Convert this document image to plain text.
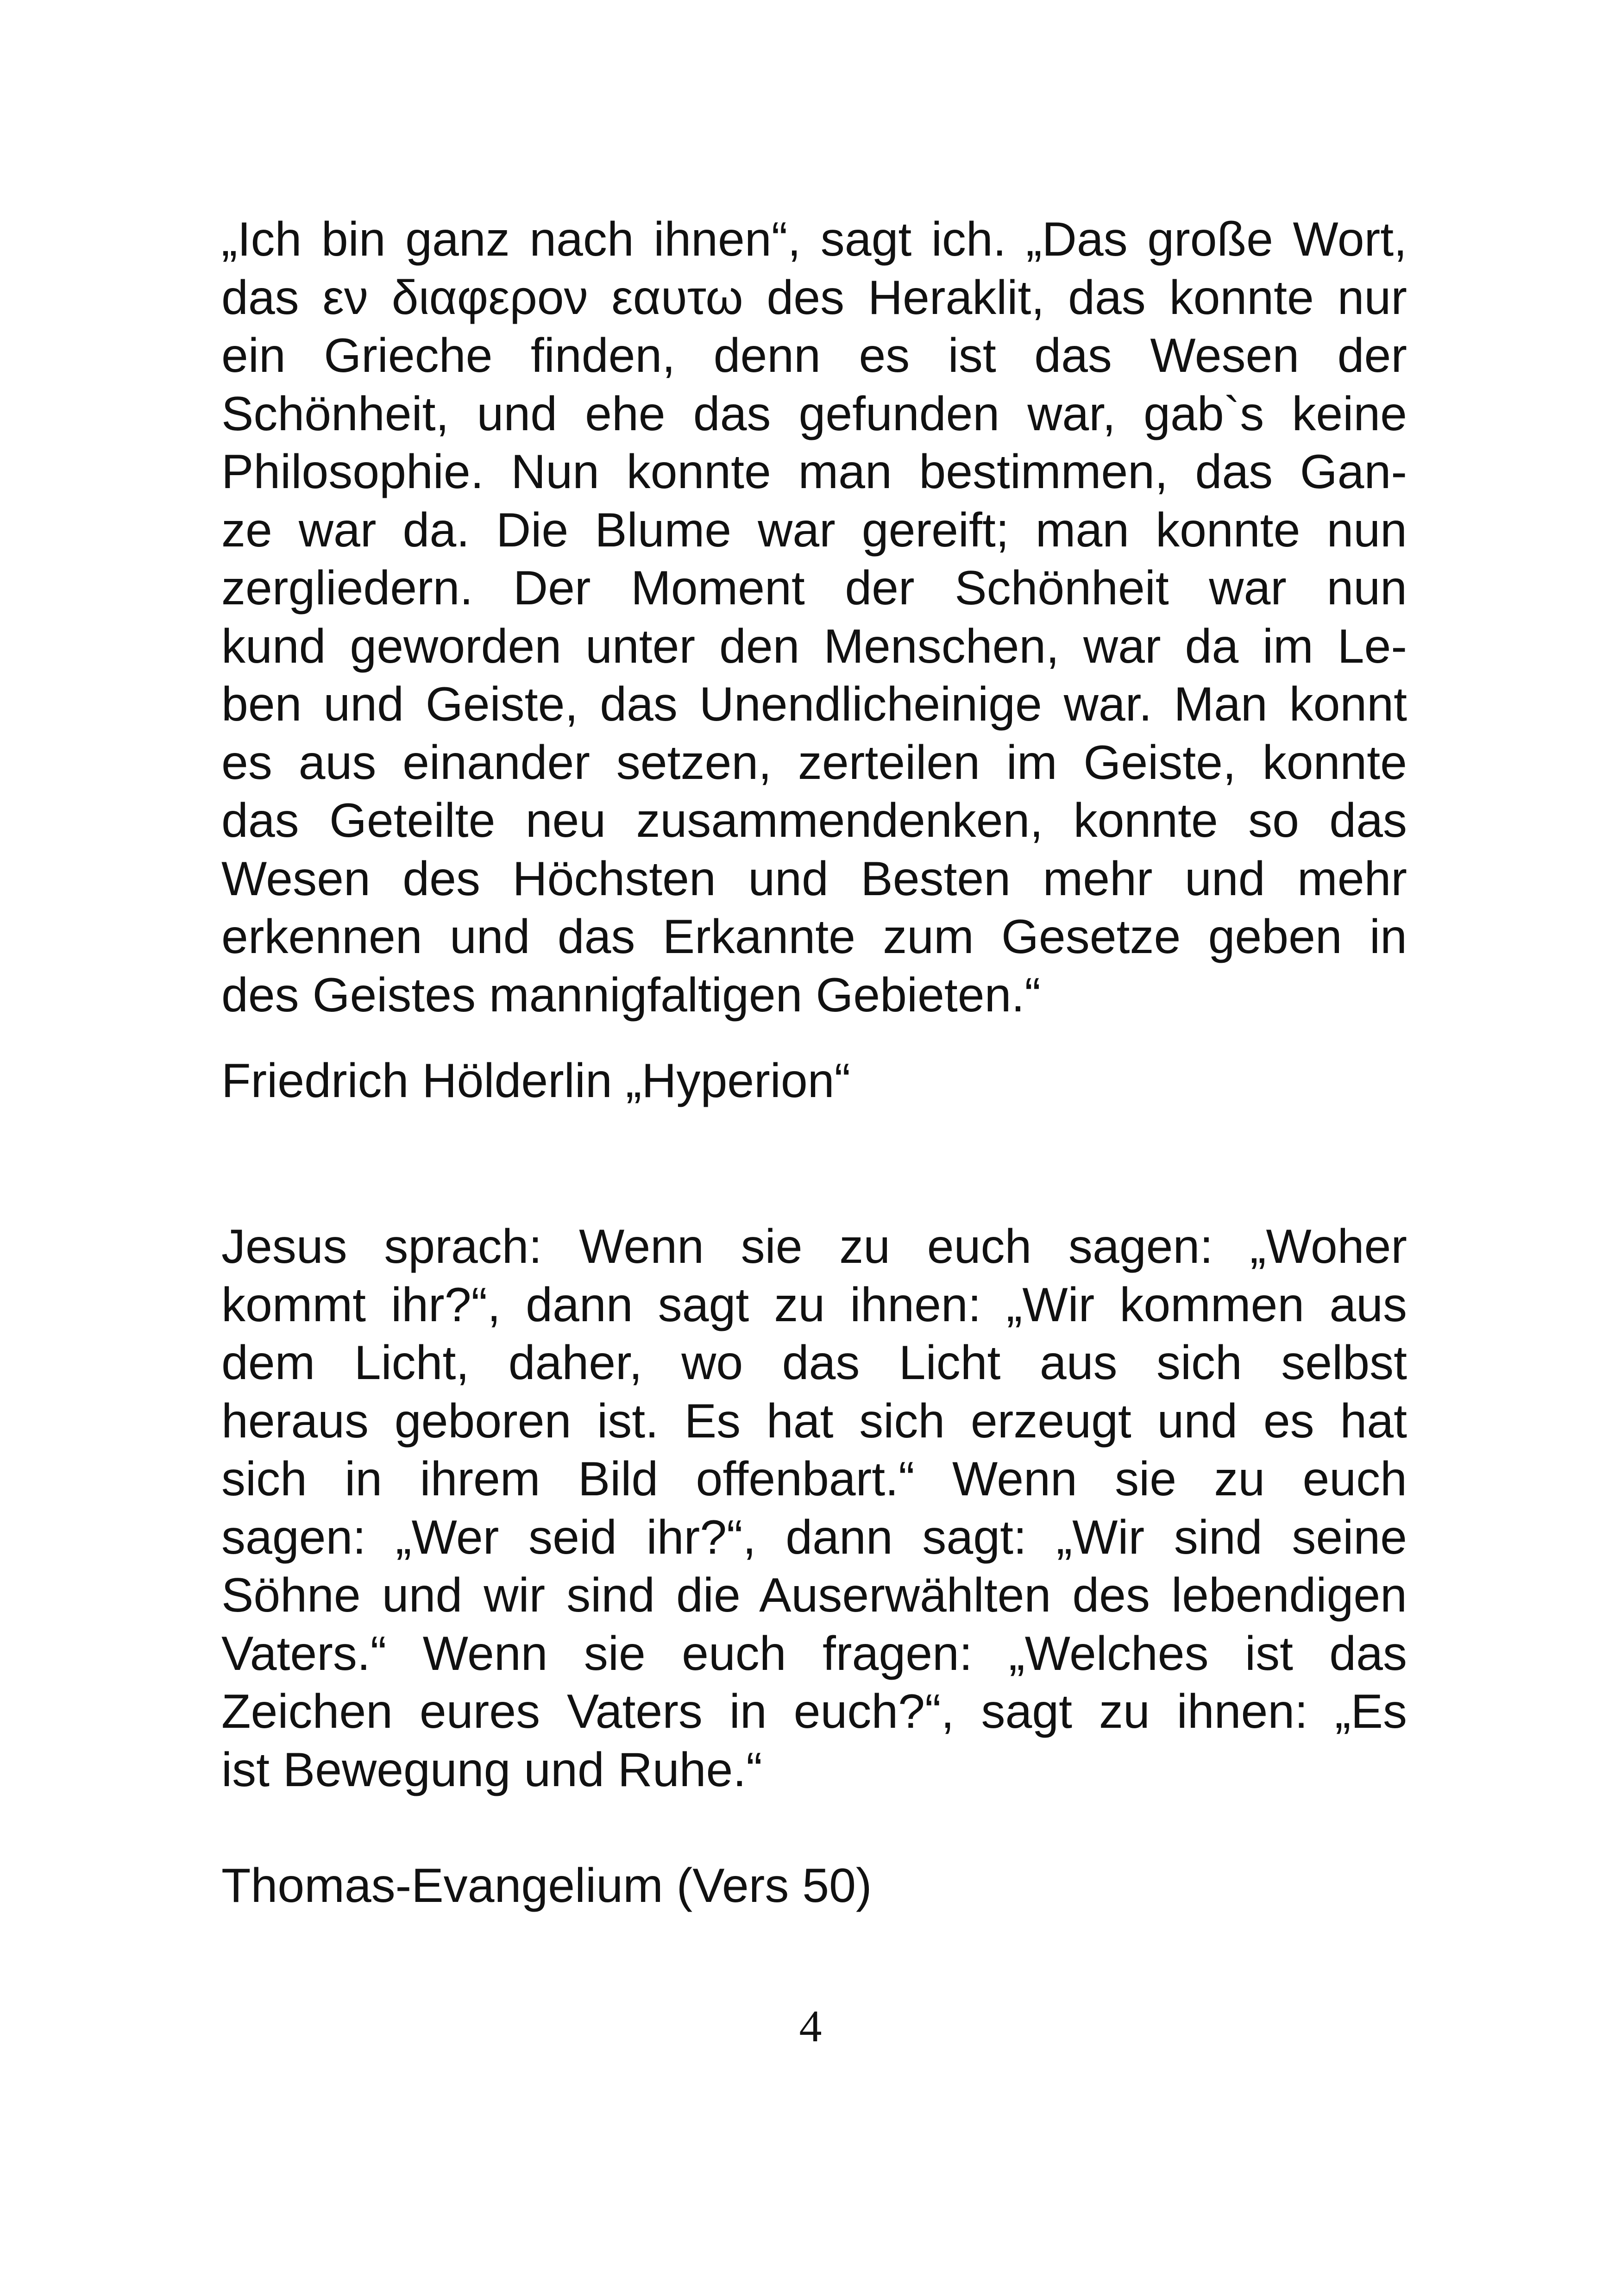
„Ich bin ganz nach ihnen“, sagt ich. „Das große Wort,
das εν διαφερον εαυτω des Heraklit, das konnte nur
ein Grieche finden, denn es ist das Wesen der
Schönheit, und ehe das gefunden war, gab`s keine
Philosophie. Nun konnte man bestimmen, das Gan-
ze war da. Die Blume war gereift; man konnte nun
zergliedern. Der Moment der Schönheit war nun
kund geworden unter den Menschen, war da im Le-
ben und Geiste, das Unendlicheinige war. Man konnt
es aus einander setzen, zerteilen im Geiste, konnte
das Geteilte neu zusammendenken, konnte so das
Wesen des Höchsten und Besten mehr und mehr
erkennen und das Erkannte zum Gesetze geben in
des Geistes mannigfaltigen Gebieten.“
Friedrich Hölderlin „Hyperion“
Jesus sprach: Wenn sie zu euch sagen: „Woher
kommt ihr?“, dann sagt zu ihnen: „Wir kommen aus
dem Licht, daher, wo das Licht aus sich selbst
heraus geboren ist. Es hat sich erzeugt und es hat
sich in ihrem Bild offenbart.“ Wenn sie zu euch
sagen: „Wer seid ihr?“, dann sagt: „Wir sind seine
Söhne und wir sind die Auserwählten des lebendigen
Vaters.“ Wenn sie euch fragen: „Welches ist das
Zeichen eures Vaters in euch?“, sagt zu ihnen: „Es
ist Bewegung und Ruhe.“
Thomas-Evangelium (Vers 50)
4
